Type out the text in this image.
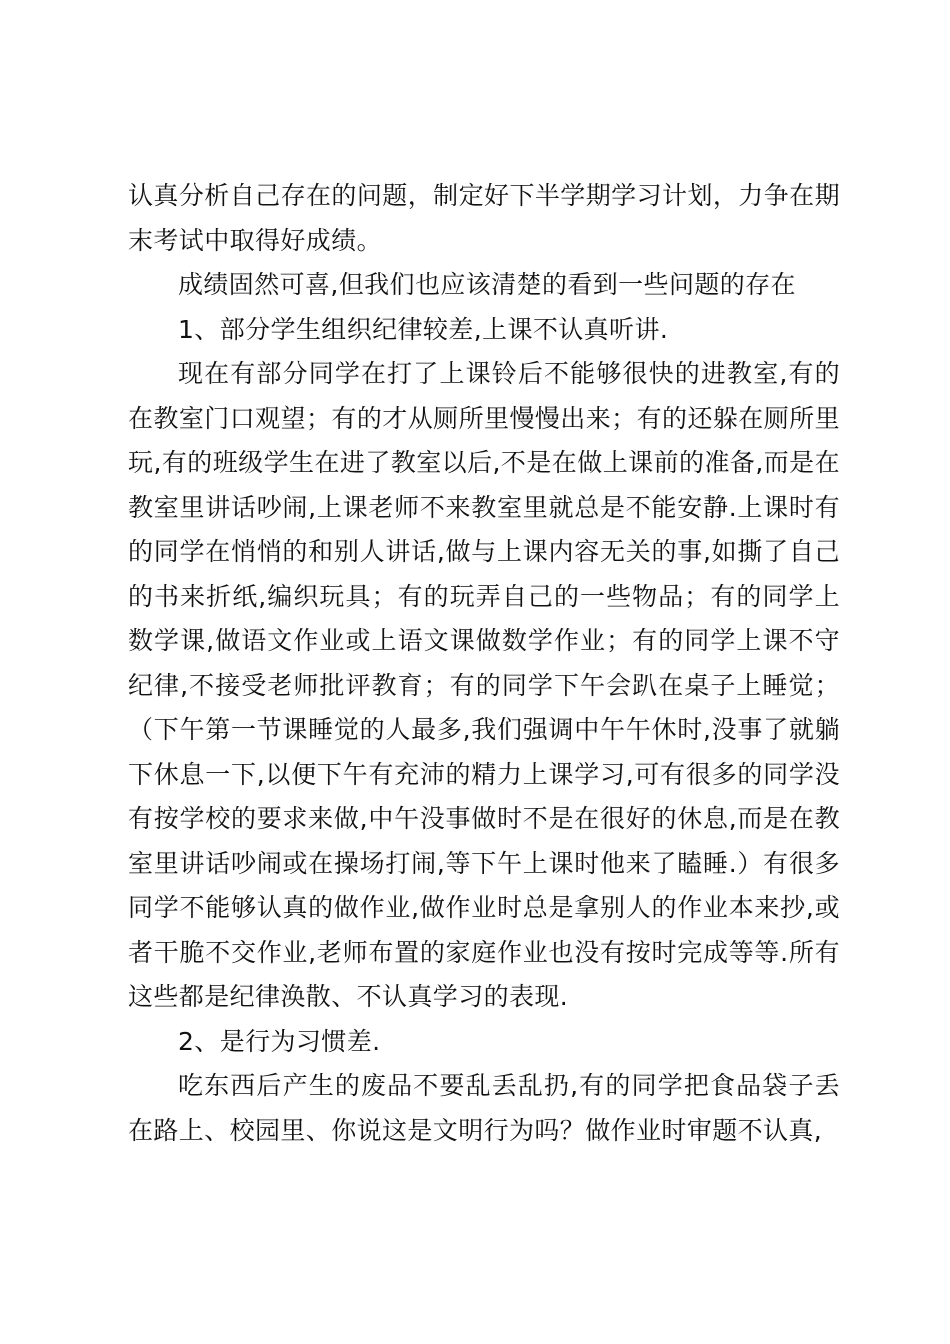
认真分析自己存在的问题，制定好下半学期学习计划，力争在期末考试中取得好成绩。

成绩固然可喜,但我们也应该清楚的看到一些问题的存在

1、部分学生组织纪律较差,上课不认真听讲.

现在有部分同学在打了上课铃后不能够很快的进教室,有的在教室门口观望；有的才从厕所里慢慢出来；有的还躲在厕所里玩,有的班级学生在进了教室以后,不是在做上课前的准备,而是在教室里讲话吵闹,上课老师不来教室里就总是不能安静.上课时有的同学在悄悄的和别人讲话,做与上课内容无关的事,如撕了自己的书来折纸,编织玩具；有的玩弄自己的一些物品；有的同学上数学课,做语文作业或上语文课做数学作业；有的同学上课不守纪律,不接受老师批评教育；有的同学下午会趴在桌子上睡觉；（下午第一节课睡觉的人最多,我们强调中午午休时,没事了就躺下休息一下,以便下午有充沛的精力上课学习,可有很多的同学没有按学校的要求来做,中午没事做时不是在很好的休息,而是在教室里讲话吵闹或在操场打闹,等下午上课时他来了瞌睡.）有很多同学不能够认真的做作业,做作业时总是拿别人的作业本来抄,或者干脆不交作业,老师布置的家庭作业也没有按时完成等等.所有这些都是纪律涣散、不认真学习的表现.

2、是行为习惯差.

吃东西后产生的废品不要乱丢乱扔,有的同学把食品袋子丢在路上、校园里、你说这是文明行为吗？做作业时审题不认真,
